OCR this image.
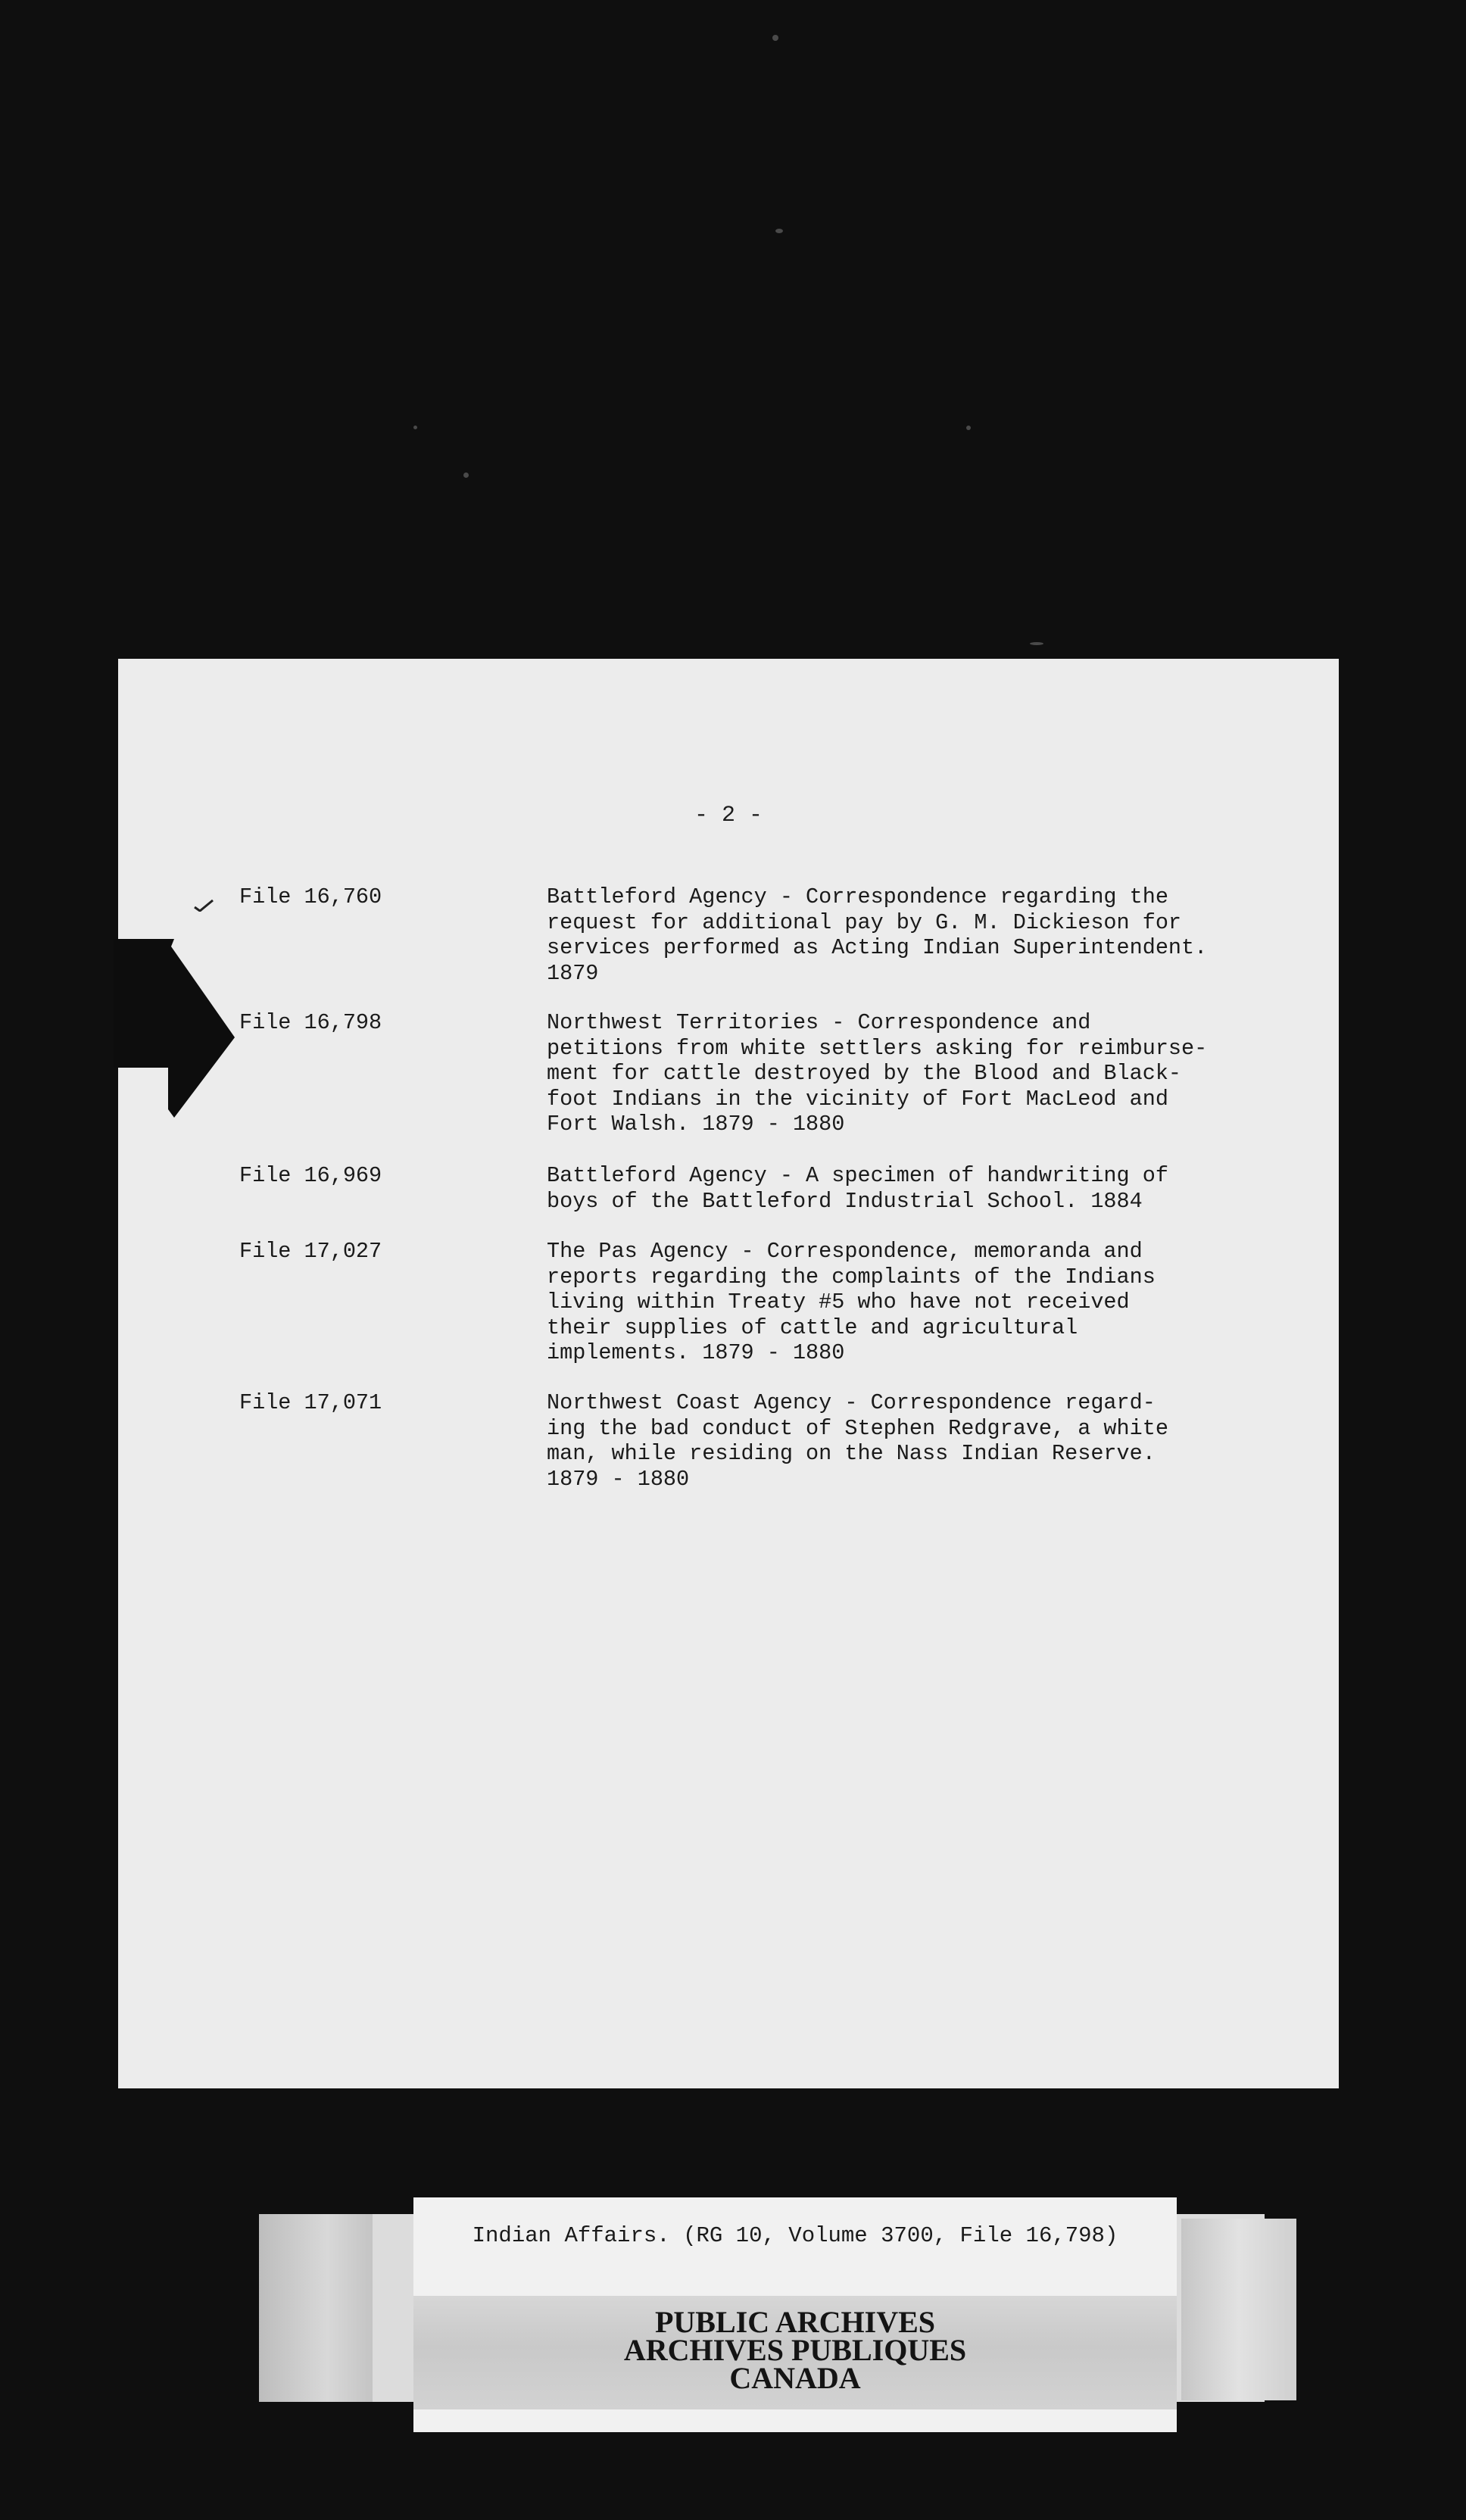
- 2 -
File 16,760	Battleford Agency - Correspondence regarding the
request for additional pay by G. M. Dickieson for
services performed as Acting Indian Superintendent.
1879
File 16,798	Northwest Territories - Correspondence and
petitions from white settlers asking for reimburse-
ment for cattle destroyed by the Blood and Black-
foot Indians in the vicinity of Fort MacLeod and
Fort Walsh. 1879 - 1880
File 16,969	Battleford Agency - A specimen of handwriting of
boys of the Battleford Industrial School. 1884
File 17,027	The Pas Agency - Correspondence, memoranda and
reports regarding the complaints of the Indians
living within Treaty #5 who have not received
their supplies of cattle and agricultural
implements. 1879 - 1880
File 17,071	Northwest Coast Agency - Correspondence regard-
ing the bad conduct of Stephen Redgrave, a white
man, while residing on the Nass Indian Reserve.
1879 - 1880
Indian Affairs. (RG 10, Volume 3700, File 16,798)
PUBLIC ARCHIVES
ARCHIVES PUBLIQUES
CANADA
